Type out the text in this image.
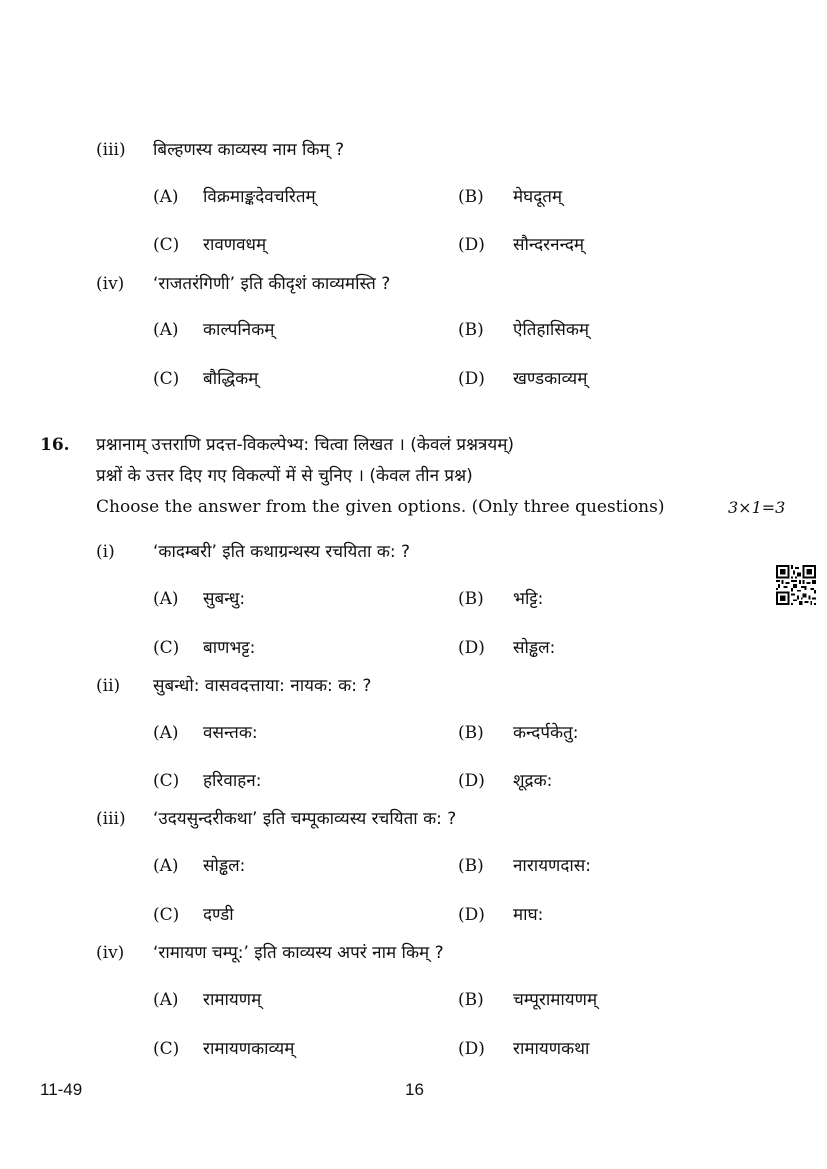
(iii) बिल्हणस्य काव्यस्य नाम किम् ?
(A) विक्रमाङ्कदेवचरितम्	(B) मेघदूतम्
(C) रावणवधम्	(D) सौन्दरनन्दम्
(iv) ‘राजतरंगिणी’ इति कीदृशं काव्यमस्ति ?
(A) काल्पनिकम्	(B) ऐतिहासिकम्
(C) बौद्धिकम्	(D) खण्डकाव्यम्
16. प्रश्नानाम् उत्तराणि प्रदत्त-विकल्पेभ्य: चित्वा लिखत । (केवलं प्रश्नत्रयम्)
प्रश्नों के उत्तर दिए गए विकल्पों में से चुनिए । (केवल तीन प्रश्न)
Choose the answer from the given options. (Only three questions)	3×1=3
(i) ‘कादम्बरी’ इति कथाग्रन्थस्य रचयिता क: ?
(A) सुबन्धु:	(B) भट्टि:
(C) बाणभट्ट:	(D) सोड्ढल:
(ii) सुबन्धो: वासवदत्ताया: नायक: क: ?
(A) वसन्तक:	(B) कन्दर्पकेतु:
(C) हरिवाहन:	(D) शूद्रक:
(iii) ‘उदयसुन्दरीकथा’ इति चम्पूकाव्यस्य रचयिता क: ?
(A) सोड्ढल:	(B) नारायणदास:
(C) दण्डी	(D) माघ:
(iv) ‘रामायण चम्पू:’ इति काव्यस्य अपरं नाम किम् ?
(A) रामायणम्	(B) चम्पूरामायणम्
(C) रामायणकाव्यम्	(D) रामायणकथा
11-49	16
